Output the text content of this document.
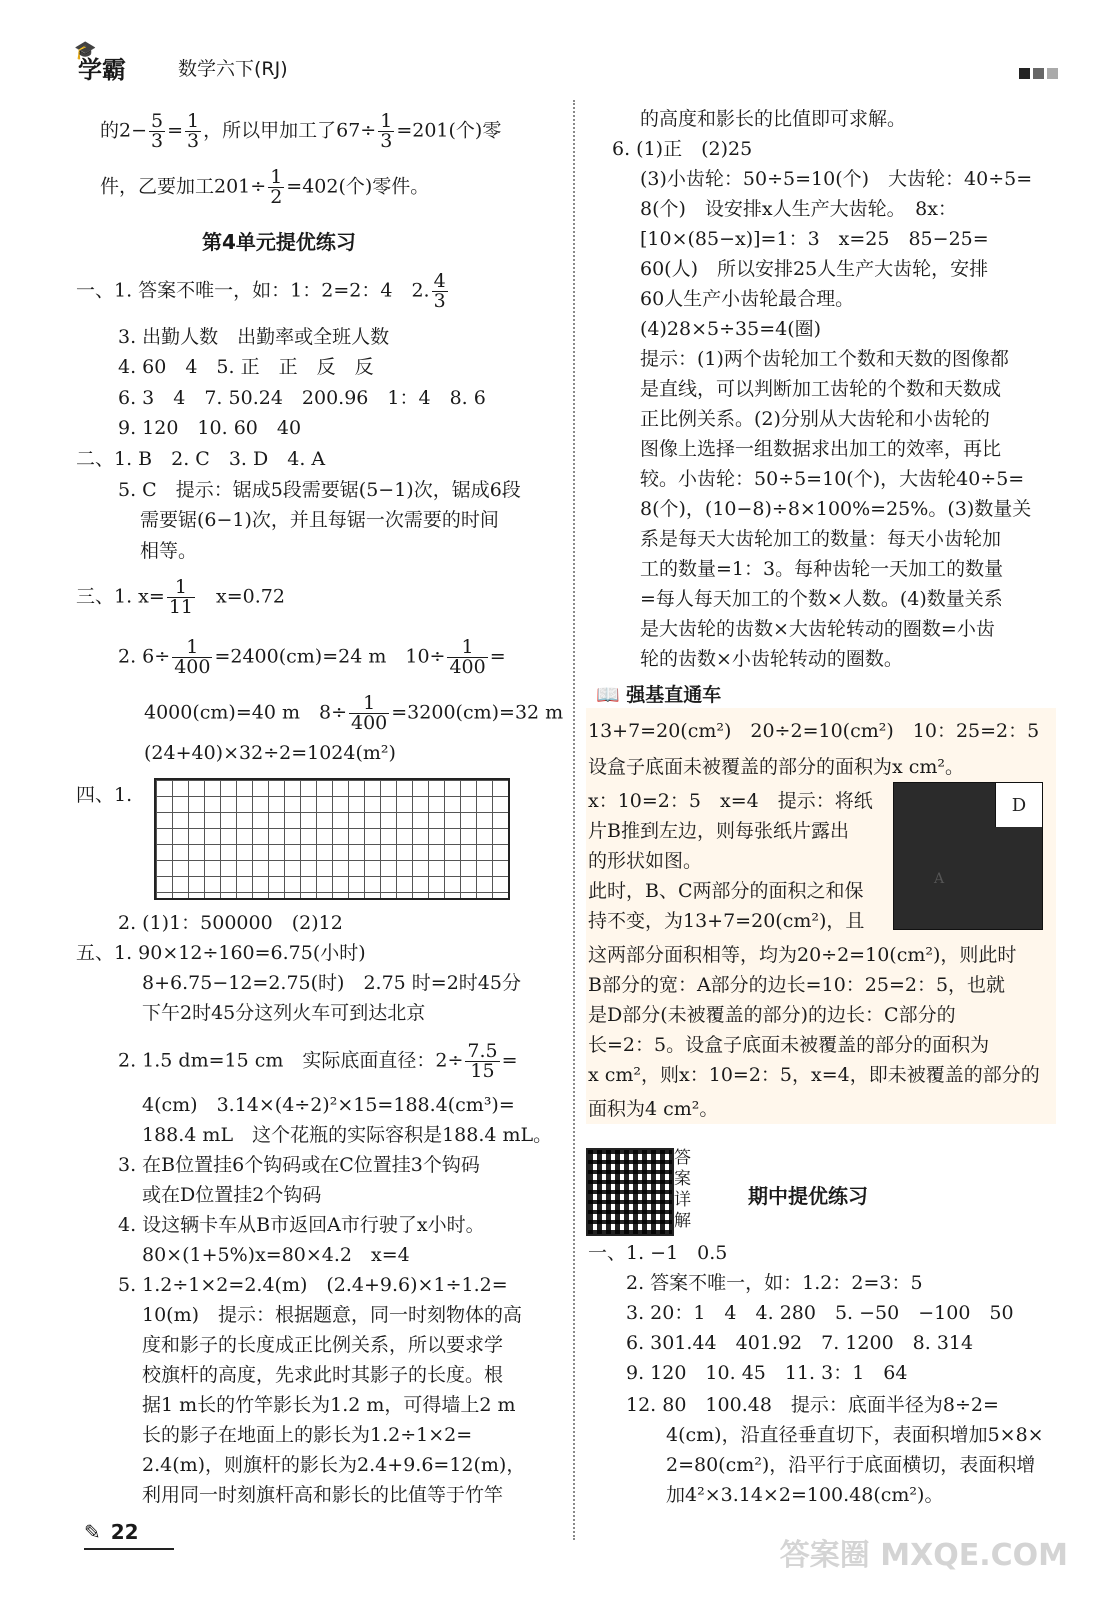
🎓
学霸	数学六下(RJ)
的$2- \frac{5}{3} = \frac{1}{3}$ ，所以甲加工了$67\div \frac{1}{3} =201$(个)零
件，乙要加工$201\div \frac{1}{2} =402$(个)零件。
第4单元提优练习
一、1. 答案不唯一，如：1：2=2：4　2. $\frac{4}{3}$
3. 出勤人数　出勤率或全班人数
4. 60　4　5. 正　正　反　反
6. 3　4　7. 50.24　200.96　1：4　8. 6
9. 120　10. 60　40
二、1. B　2. C　3. D　4. A
5. C　提示：锯成5段需要锯(5−1)次，锯成6段
需要锯(6−1)次，并且每锯一次需要的时间
相等。
三、1. $x= \frac{1}{11}$ 　x=0.72
2. $6\div \frac{1}{400} =2400(cm)=24$ m　$10\div \frac{1}{400}$ =
4000(cm)=40 m　$8\div \frac{1}{400} =3200(cm)=32$ m
(24+40)×32÷2=1024(m²)
四、1.
2. (1)1：500000　(2)12
五、1. 90×12÷160=6.75(小时)
8+6.75−12=2.75(时)　2.75 时=2时45分
下午2时45分这列火车可到达北京
2. 1.5 dm=15 cm　实际底面直径：$2\div \frac{7.5}{15}$ =
4(cm)　3.14×(4÷2)²×15=188.4(cm³)=
188.4 mL　这个花瓶的实际容积是188.4 mL。
3. 在B位置挂6个钩码或在C位置挂3个钩码
或在D位置挂2个钩码
4. 设这辆卡车从B市返回A市行驶了x小时。
80×(1+5%)x=80×4.2　x=4
5. 1.2÷1×2=2.4(m)　(2.4+9.6)×1÷1.2=
10(m)　提示：根据题意，同一时刻物体的高
度和影子的长度成正比例关系，所以要求学
校旗杆的高度，先求此时其影子的长度。根
据1 m长的竹竿影长为1.2 m，可得墙上2 m
长的影子在地面上的影长为1.2÷1×2=
2.4(m)，则旗杆的影长为2.4+9.6=12(m)，
利用同一时刻旗杆高和影长的比值等于竹竿
的高度和影长的比值即可求解。
6. (1)正　(2)25
(3)小齿轮：50÷5=10(个)　大齿轮：40÷5=
8(个)　设安排x人生产大齿轮。　8x：
[10×(85−x)]=1：3　x=25　85−25=
60(人)　所以安排25人生产大齿轮，安排
60人生产小齿轮最合理。
(4)28×5÷35=4(圈)
提示：(1)两个齿轮加工个数和天数的图像都
是直线，可以判断加工齿轮的个数和天数成
正比例关系。(2)分别从大齿轮和小齿轮的
图像上选择一组数据求出加工的效率，再比
较。小齿轮：50÷5=10(个)，大齿轮40÷5=
8(个)，(10−8)÷8×100%=25%。(3)数量关
系是每天大齿轮加工的数量：每天小齿轮加
工的数量=1：3。每种齿轮一天加工的数量
=每人每天加工的个数×人数。(4)数量关系
是大齿轮的齿数×大齿轮转动的圈数=小齿
轮的齿数×小齿轮转动的圈数。
📖 强基直通车
13+7=20(cm²)　20÷2=10(cm²)　10：25=2：5
设盒子底面未被覆盖的部分的面积为x cm²。
x：10=2：5　x=4　提示：将纸
片B推到左边，则每张纸片露出
的形状如图。
此时，B、C两部分的面积之和保
持不变，为13+7=20(cm²)，且
这两部分面积相等，均为20÷2=10(cm²)，则此时
B部分的宽：A部分的边长=10：25=2：5，也就
是D部分(未被覆盖的部分)的边长：C部分的
长=2：5。设盒子底面未被覆盖的部分的面积为
x cm²，则x：10=2：5，x=4，即未被覆盖的部分的
面积为4 cm²。
D
A
答案详解
期中提优练习
一、1. −1　0.5
2. 答案不唯一，如：1.2：2=3：5
3. 20：1　4　4. 280　5. −50　−100　50
6. 301.44　401.92　7. 1200　8. 314
9. 120　10. 45　11. 3：1　64
12. 80　100.48　提示：底面半径为8÷2=
4(cm)，沿直径垂直切下，表面积增加5×8×
2=80(cm²)，沿平行于底面横切，表面积增
加4²×3.14×2=100.48(cm²)。
✎ 22
答案圈 MXQE.COM
